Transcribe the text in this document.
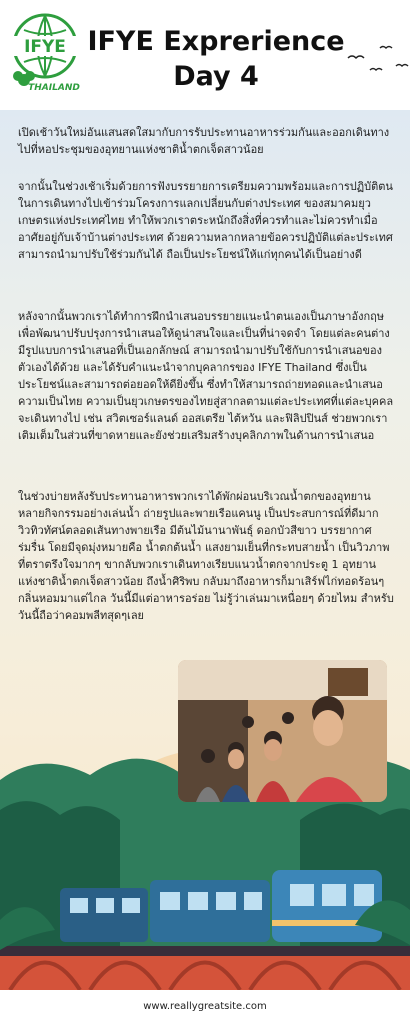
IFYE
THAILAND
IFYE Exprerience
Day 4

เปิดเช้าวันใหม่อันแสนสดใสมากับการรับประทานอาหารร่วมกันและออกเดินทางไปที่หอประชุมของอุทยานแห่งชาติน้ำตกเจ็ดสาวน้อย

จากนั้นในช่วงเช้าเริ่มด้วยการฟังบรรยายการเตรียมความพร้อมและการปฏิบัติตนในการเดินทางไปเข้าร่วมโครงการแลกเปลี่ยนกับต่างประเทศ ของสมาคมยุวเกษตรแห่งประเทศไทย ทำให้พวกเราตระหนักถึงสิ่งที่ควรทำและไม่ควรทำเมื่ออาศัยอยู่กับเจ้าบ้านต่างประเทศ ด้วยความหลากหลายข้อควรปฏิบัติแต่ละประเทศ สามารถนำมาปรับใช้ร่วมกันได้ ถือเป็นประโยชน์ให้แก่ทุกคนได้เป็นอย่างดี

หลังจากนั้นพวกเราได้ทำการฝึกนำเสนอบรรยายแนะนำตนเองเป็นภาษาอังกฤษ เพื่อพัฒนาปรับปรุงการนำเสนอให้ดูน่าสนใจและเป็นที่น่าจดจำ โดยแต่ละคนต่างมีรูปแบบการนำเสนอที่เป็นเอกลักษณ์ สามารถนำมาปรับใช้กับการนำเสนอของตัวเองได้ด้วย และได้รับคำแนะนำจากบุคลากรของ IFYE Thailand ซึ่งเป็นประโยชน์และสามารถต่อยอดให้ดียิ่งขึ้น ซึ่งทำให้สามารถถ่ายทอดและนำเสนอความเป็นไทย ความเป็นยุวเกษตรของไทยสู่สากลตามแต่ละประเทศที่แต่ละบุคคลจะเดินทางไป เช่น สวิตเซอร์แลนด์ ออสเตรีย ไต้หวัน และฟิลิปปินส์ ช่วยพวกเราเติมเต็มในส่วนที่ขาดหายและยังช่วยเสริมสร้างบุคลิกภาพในด้านการนำเสนอ

ในช่วงบ่ายหลังรับประทานอาหารพวกเราได้พักผ่อนบริเวณน้ำตกของอุทยานหลายกิจกรรมอย่างเล่นน้ำ ถ่ายรูปและพายเรือแคนนู เป็นประสบการณ์ที่ดีมาก วิวทิวทัศน์ตลอดเส้นทางพายเรือ มีต้นไม้นานาพันธุ์ ดอกบัวสีขาว บรรยากาศร่มรื่น โดยมีจุดมุ่งหมายคือ น้ำตกต้นน้ำ แสงยามเย็นที่กระทบสายน้ำ เป็นวิวภาพที่ตราตรึงใจมากๆ ขากลับพวกเราเดินทางเรียบแนวน้ำตกจากประตู 1 อุทยานแห่งชาติน้ำตกเจ็ดสาวน้อย ถึงน้ำศิริพบ กลับมาถึงอาหารก็มาเสิร์ฟไก่ทอดร้อนๆ กลิ่นหอมมาแต่ไกล วันนี้มีแต่อาหารอร่อย ไม่รู้ว่าเล่นมาเหนื่อยๆ ด้วยไหม สำหรับวันนี้ถือว่าคอมพลีทสุดๆเลย

www.reallygreatsite.com
